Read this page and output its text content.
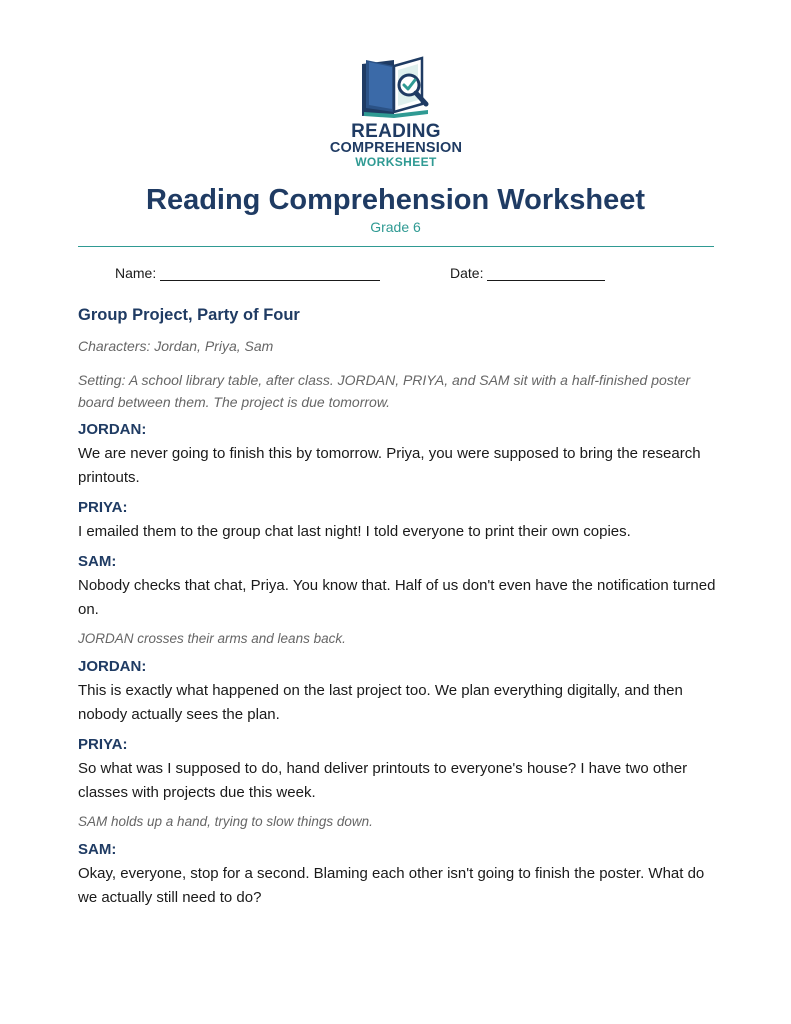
READING
COMPREHENSION
WORKSHEET
Reading Comprehension Worksheet
Grade 6
Name:	Date:
Group Project, Party of Four
Characters: Jordan, Priya, Sam
Setting: A school library table, after class. JORDAN, PRIYA, and SAM sit with a half-finished poster board between them. The project is due tomorrow.
JORDAN:
We are never going to finish this by tomorrow. Priya, you were supposed to bring the research printouts.
PRIYA:
I emailed them to the group chat last night! I told everyone to print their own copies.
SAM:
Nobody checks that chat, Priya. You know that. Half of us don't even have the notification turned on.
JORDAN crosses their arms and leans back.
JORDAN:
This is exactly what happened on the last project too. We plan everything digitally, and then nobody actually sees the plan.
PRIYA:
So what was I supposed to do, hand deliver printouts to everyone's house? I have two other classes with projects due this week.
SAM holds up a hand, trying to slow things down.
SAM:
Okay, everyone, stop for a second. Blaming each other isn't going to finish the poster. What do we actually still need to do?
